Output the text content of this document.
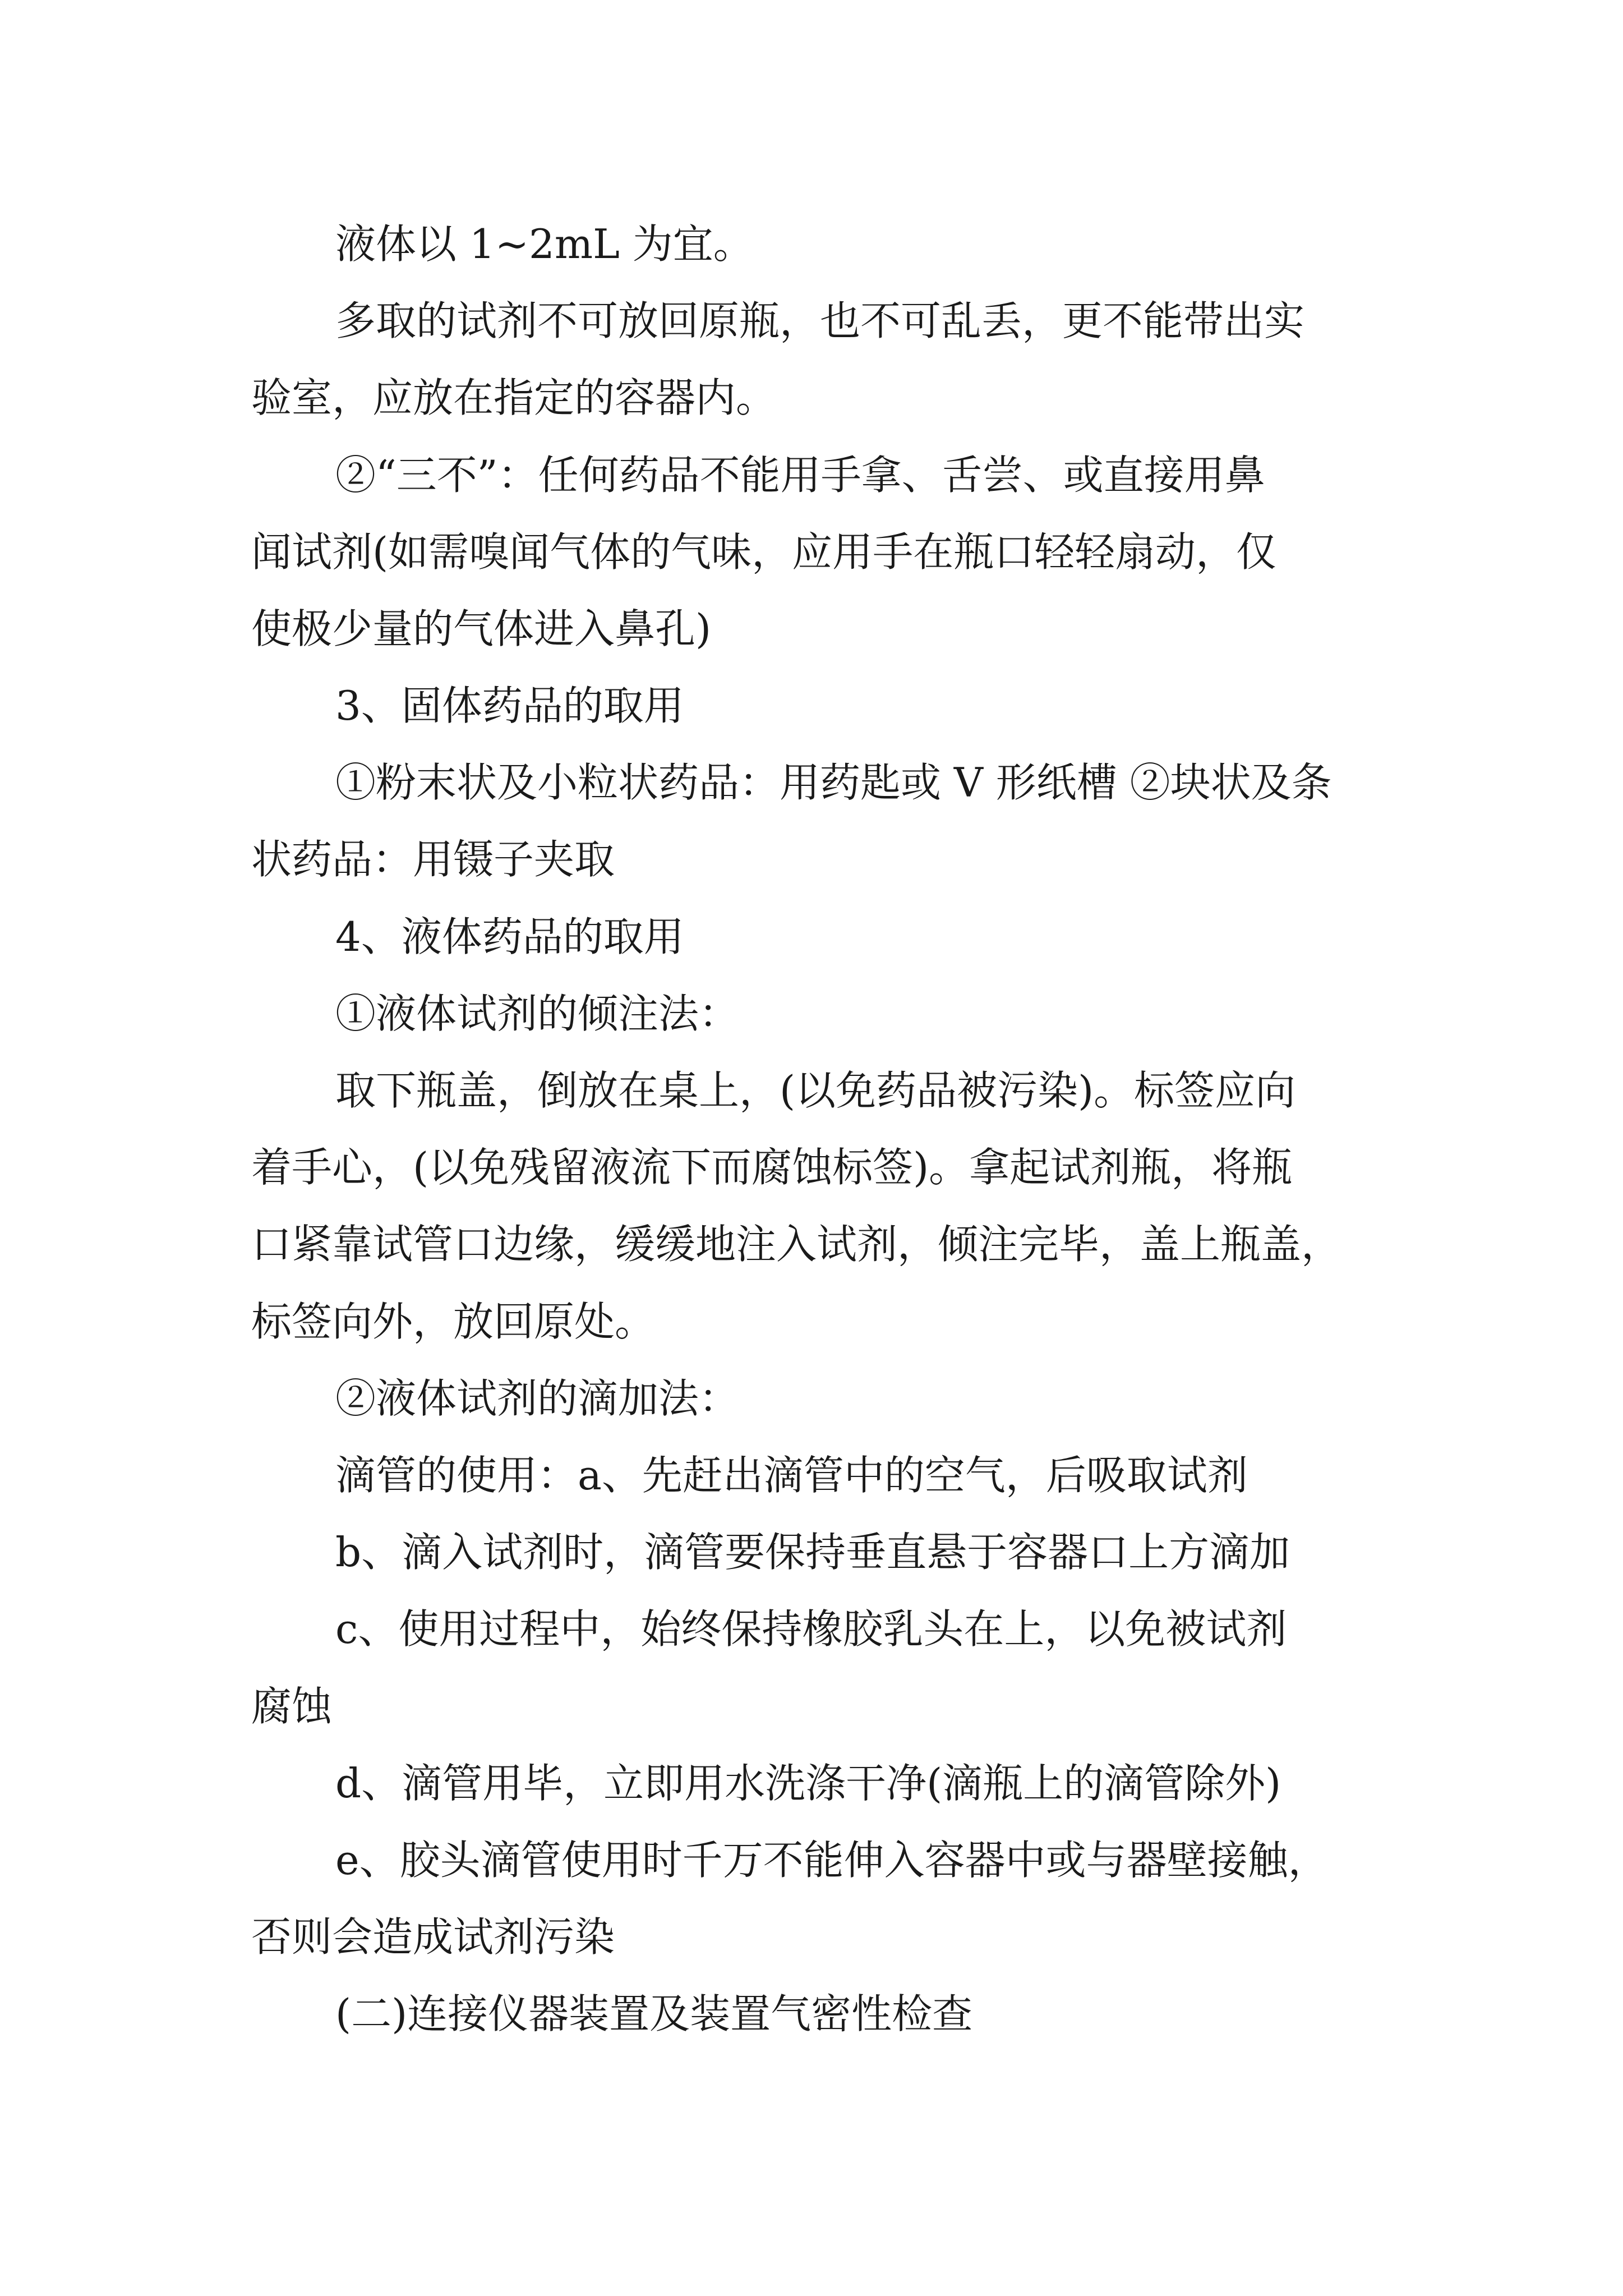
液体以 1~2mL 为宜。

多取的试剂不可放回原瓶，也不可乱丢，更不能带出实

验室，应放在指定的容器内。

②“三不”：任何药品不能用手拿、舌尝、或直接用鼻

闻试剂(如需嗅闻气体的气味，应用手在瓶口轻轻扇动，仅

使极少量的气体进入鼻孔)

3、固体药品的取用

①粉末状及小粒状药品：用药匙或 V 形纸槽 ②块状及条

状药品：用镊子夹取

4、液体药品的取用

①液体试剂的倾注法：

取下瓶盖，倒放在桌上，(以免药品被污染)。标签应向

着手心，(以免残留液流下而腐蚀标签)。拿起试剂瓶，将瓶

口紧靠试管口边缘，缓缓地注入试剂，倾注完毕，盖上瓶盖，

标签向外，放回原处。

②液体试剂的滴加法：

滴管的使用：a、先赶出滴管中的空气，后吸取试剂

b、滴入试剂时，滴管要保持垂直悬于容器口上方滴加

c、使用过程中，始终保持橡胶乳头在上，以免被试剂

腐蚀

d、滴管用毕，立即用水洗涤干净(滴瓶上的滴管除外)

e、胶头滴管使用时千万不能伸入容器中或与器壁接触，

否则会造成试剂污染

(二)连接仪器装置及装置气密性检查
